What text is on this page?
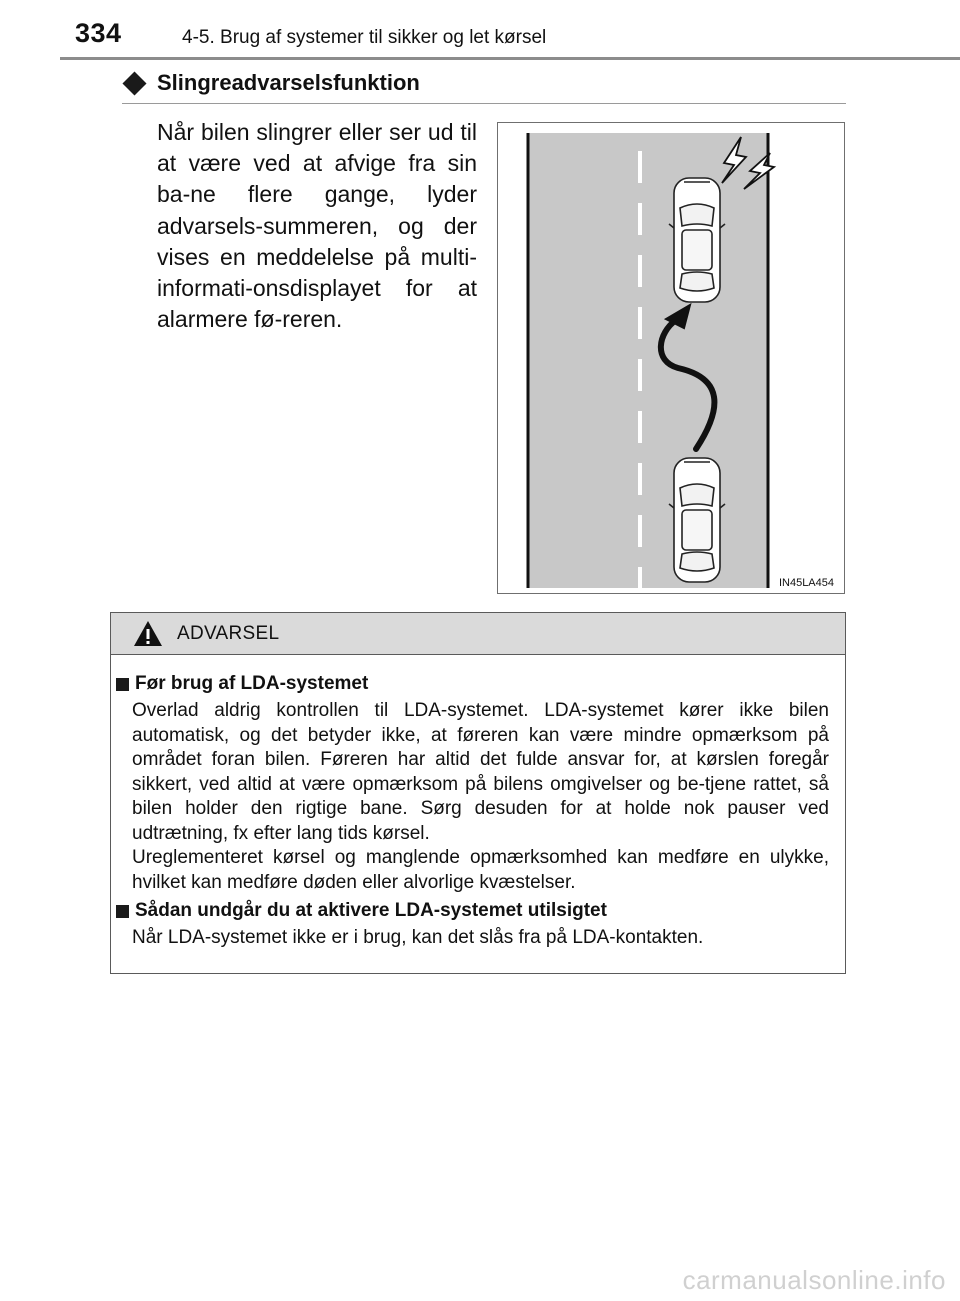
334	4-5. Brug af systemer til sikker og let kørsel
Slingreadvarselsfunktion
Når bilen slingrer eller ser ud til at være ved at afvige fra sin ba-ne flere gange, lyder advarsels-summeren, og der vises en meddelelse på multi-informati-onsdisplayet for at alarmere fø-reren.
IN45LA454
ADVARSEL
Før brug af LDA-systemet

Overlad aldrig kontrollen til LDA-systemet. LDA-systemet kører ikke bilen automatisk, og det betyder ikke, at føreren kan være mindre opmærksom på området foran bilen. Føreren har altid det fulde ansvar for, at kørslen foregår sikkert, ved altid at være opmærksom på bilens omgivelser og be-tjene rattet, så bilen holder den rigtige bane. Sørg desuden for at holde nok pauser ved udtrætning, fx efter lang tids kørsel.

Ureglementeret kørsel og manglende opmærksomhed kan medføre en ulykke, hvilket kan medføre døden eller alvorlige kvæstelser.

Sådan undgår du at aktivere LDA-systemet utilsigtet

Når LDA-systemet ikke er i brug, kan det slås fra på LDA-kontakten.

carmanualsonline.info
